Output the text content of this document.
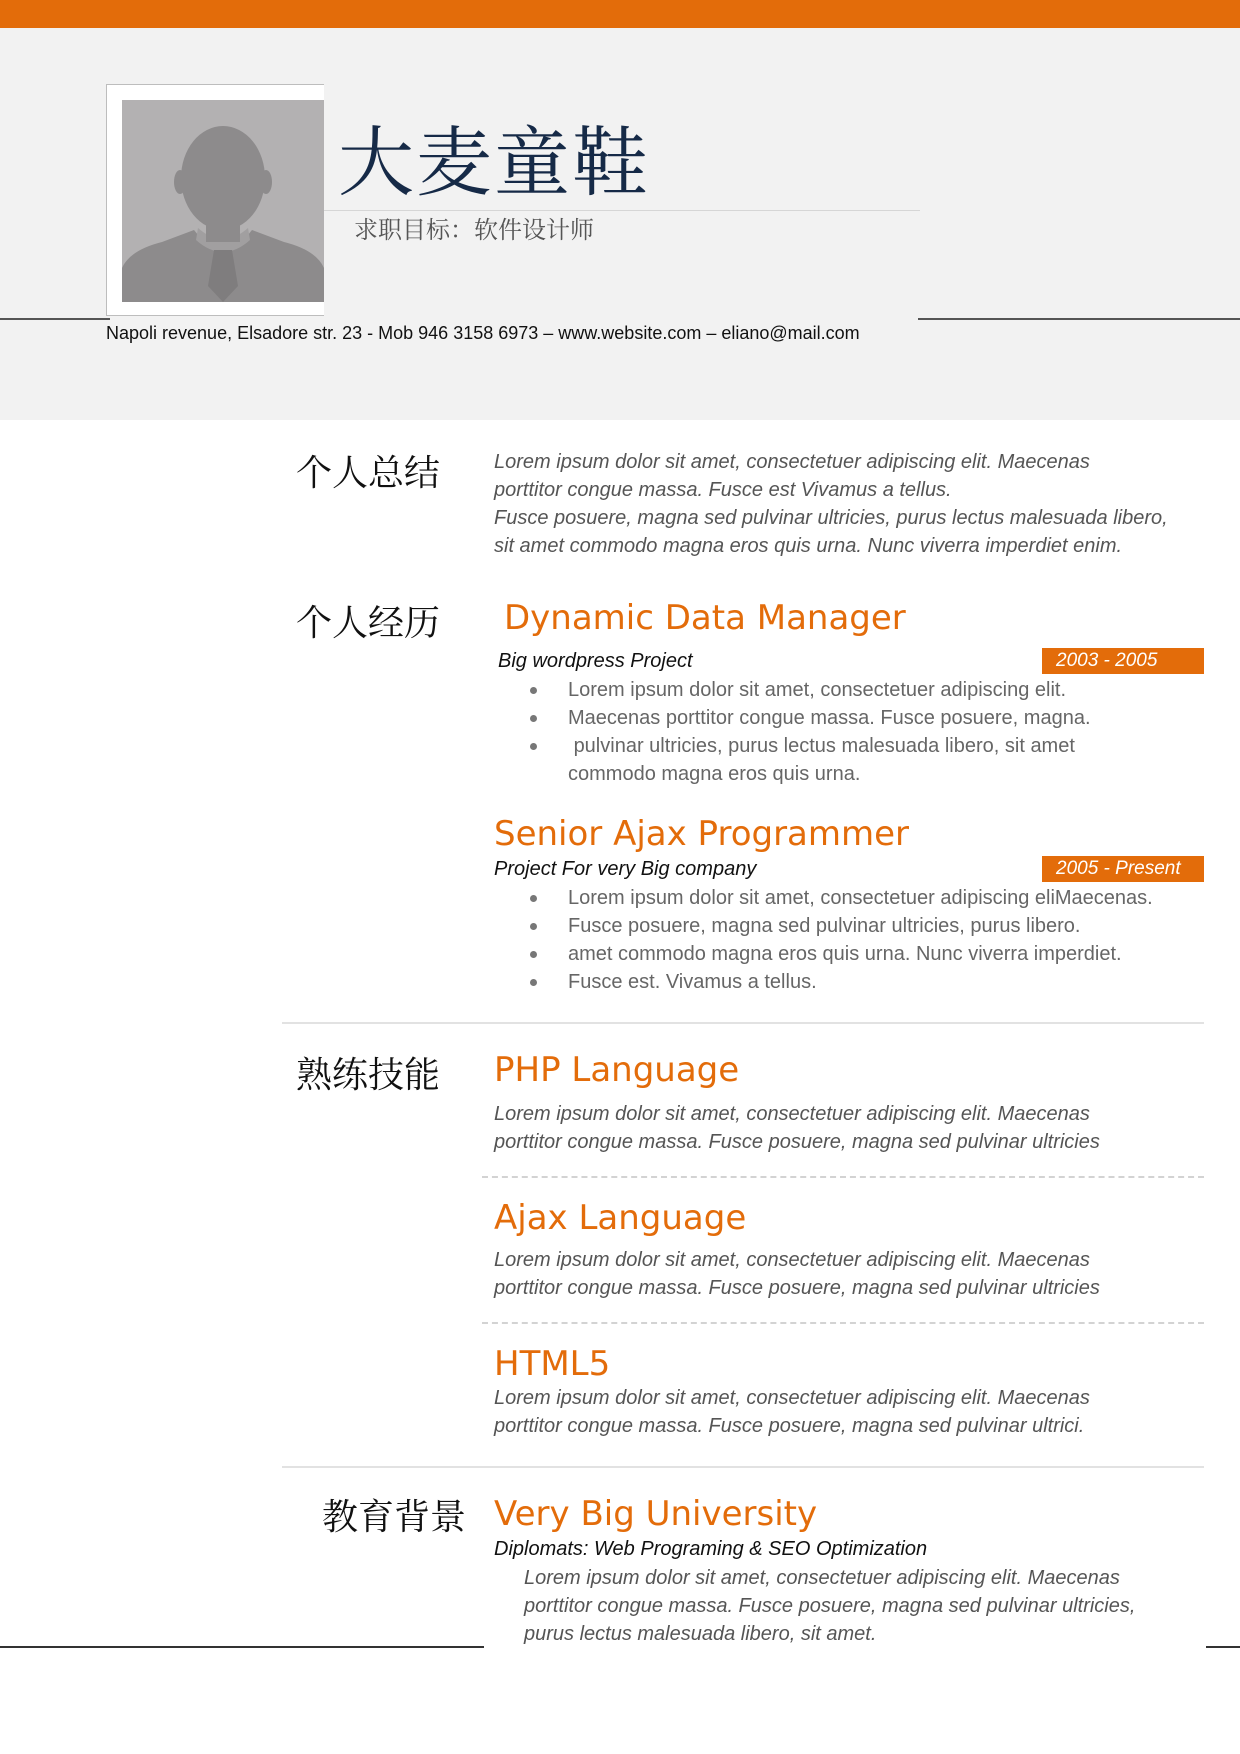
大麦童鞋
求职目标：软件设计师
Napoli revenue, Elsadore str. 23 - Mob 946 3158 6973 – www.website.com – eliano@mail.com
个人总结	Lorem ipsum dolor sit amet, consectetuer adipiscing elit. Maecenas

porttitor congue massa. Fusce est Vivamus a tellus.

Fusce posuere, magna sed pulvinar ultricies, purus lectus malesuada libero,

sit amet commodo magna eros quis urna. Nunc viverra imperdiet enim.

个人经历 Dynamic Data Manager
Big wordpress Project	2003 - 2005
Lorem ipsum dolor sit amet, consectetuer adipiscing elit.
Maecenas porttitor congue massa. Fusce posuere, magna.
pulvinar ultricies, purus lectus malesuada libero, sit amet commodo magna eros quis urna.
Senior Ajax Programmer
Project For very Big company	2005 - Present
Lorem ipsum dolor sit amet, consectetuer adipiscing eliMaecenas.
Fusce posuere, magna sed pulvinar ultricies, purus libero.
amet commodo magna eros quis urna. Nunc viverra imperdiet.
Fusce est. Vivamus a tellus.
熟练技能 PHP Language

Lorem ipsum dolor sit amet, consectetuer adipiscing elit. Maecenas

porttitor congue massa. Fusce posuere, magna sed pulvinar ultricies

Ajax Language

Lorem ipsum dolor sit amet, consectetuer adipiscing elit. Maecenas

porttitor congue massa. Fusce posuere, magna sed pulvinar ultricies

HTML5

Lorem ipsum dolor sit amet, consectetuer adipiscing elit. Maecenas

porttitor congue massa. Fusce posuere, magna sed pulvinar ultrici.

教育背景 Very Big University
Diplomats: Web Programing & SEO Optimization

Lorem ipsum dolor sit amet, consectetuer adipiscing elit. Maecenas

porttitor congue massa. Fusce posuere, magna sed pulvinar ultricies,

purus lectus malesuada libero, sit amet.
